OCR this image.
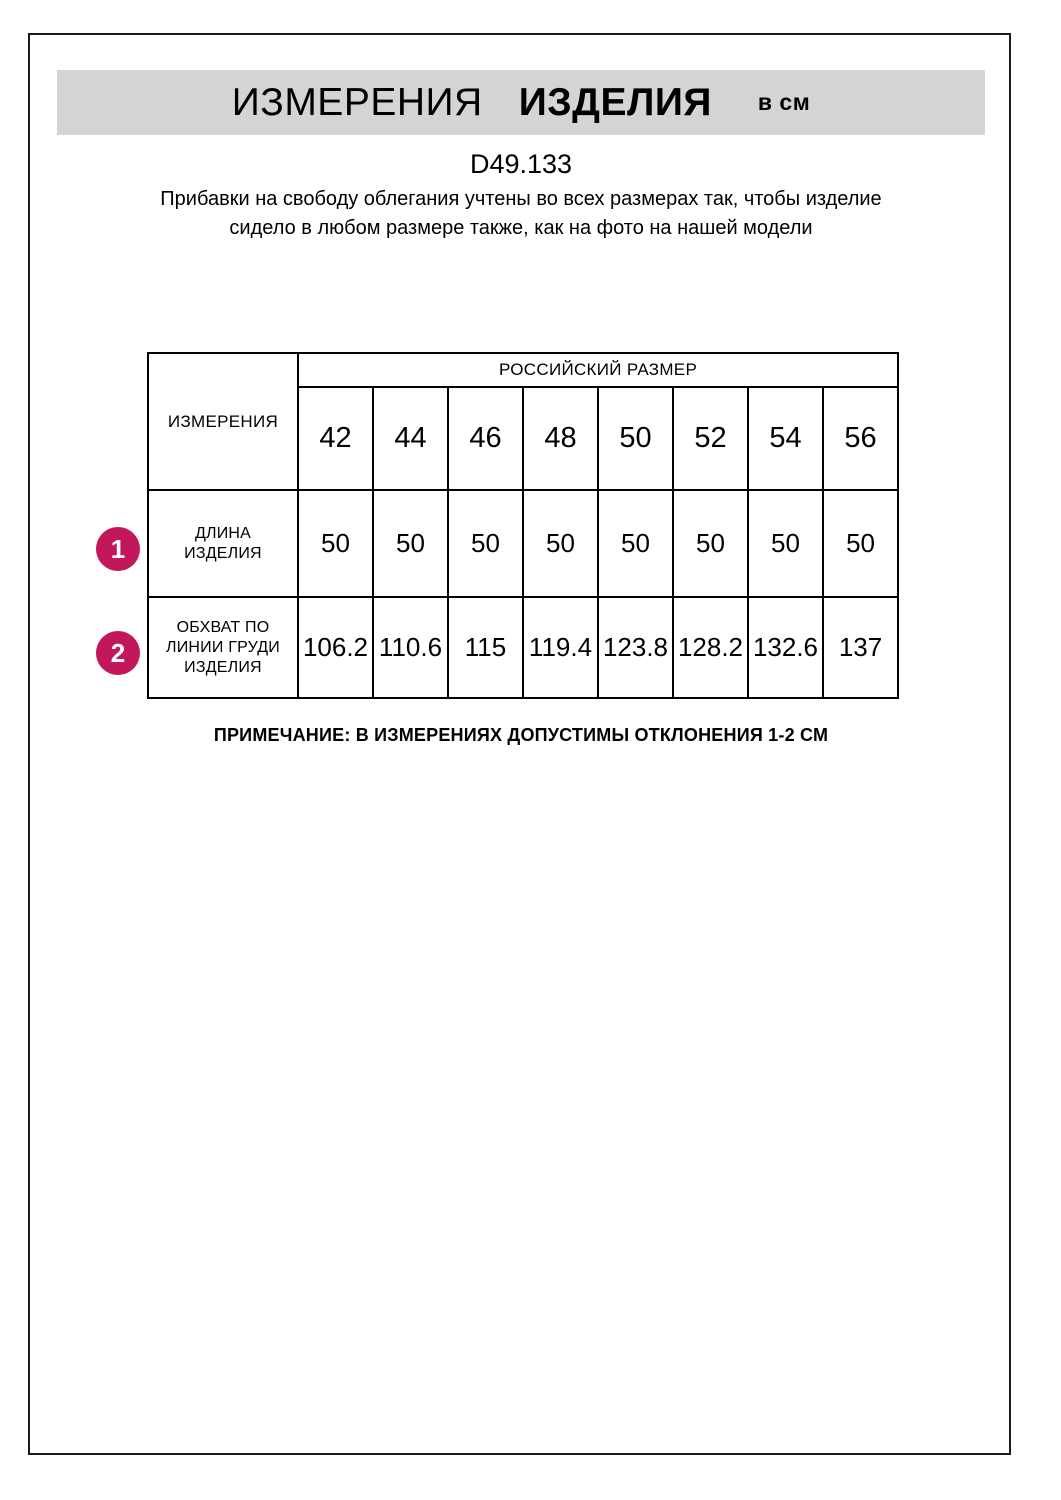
ИЗМЕРЕНИЯ ИЗДЕЛИЯ в см
D49.133
Прибавки на свободу облегания учтены во всех размерах так, чтобы изделие сидело в любом размере также, как на фото на нашей модели
1
2
ИЗМЕРЕНИЯ	РОССИЙСКИЙ РАЗМЕР							
	42	44	46	48	50	52	54	56

ДЛИНА
ИЗДЕЛИЯ	50	50	50	50	50	50	50	50

ОБХВАТ ПО
ЛИНИИ ГРУДИ
ИЗДЕЛИЯ	106.2	110.6	115	119.4	123.8	128.2	132.6	137
ПРИМЕЧАНИЕ: В ИЗМЕРЕНИЯХ ДОПУСТИМЫ ОТКЛОНЕНИЯ 1-2 СМ
